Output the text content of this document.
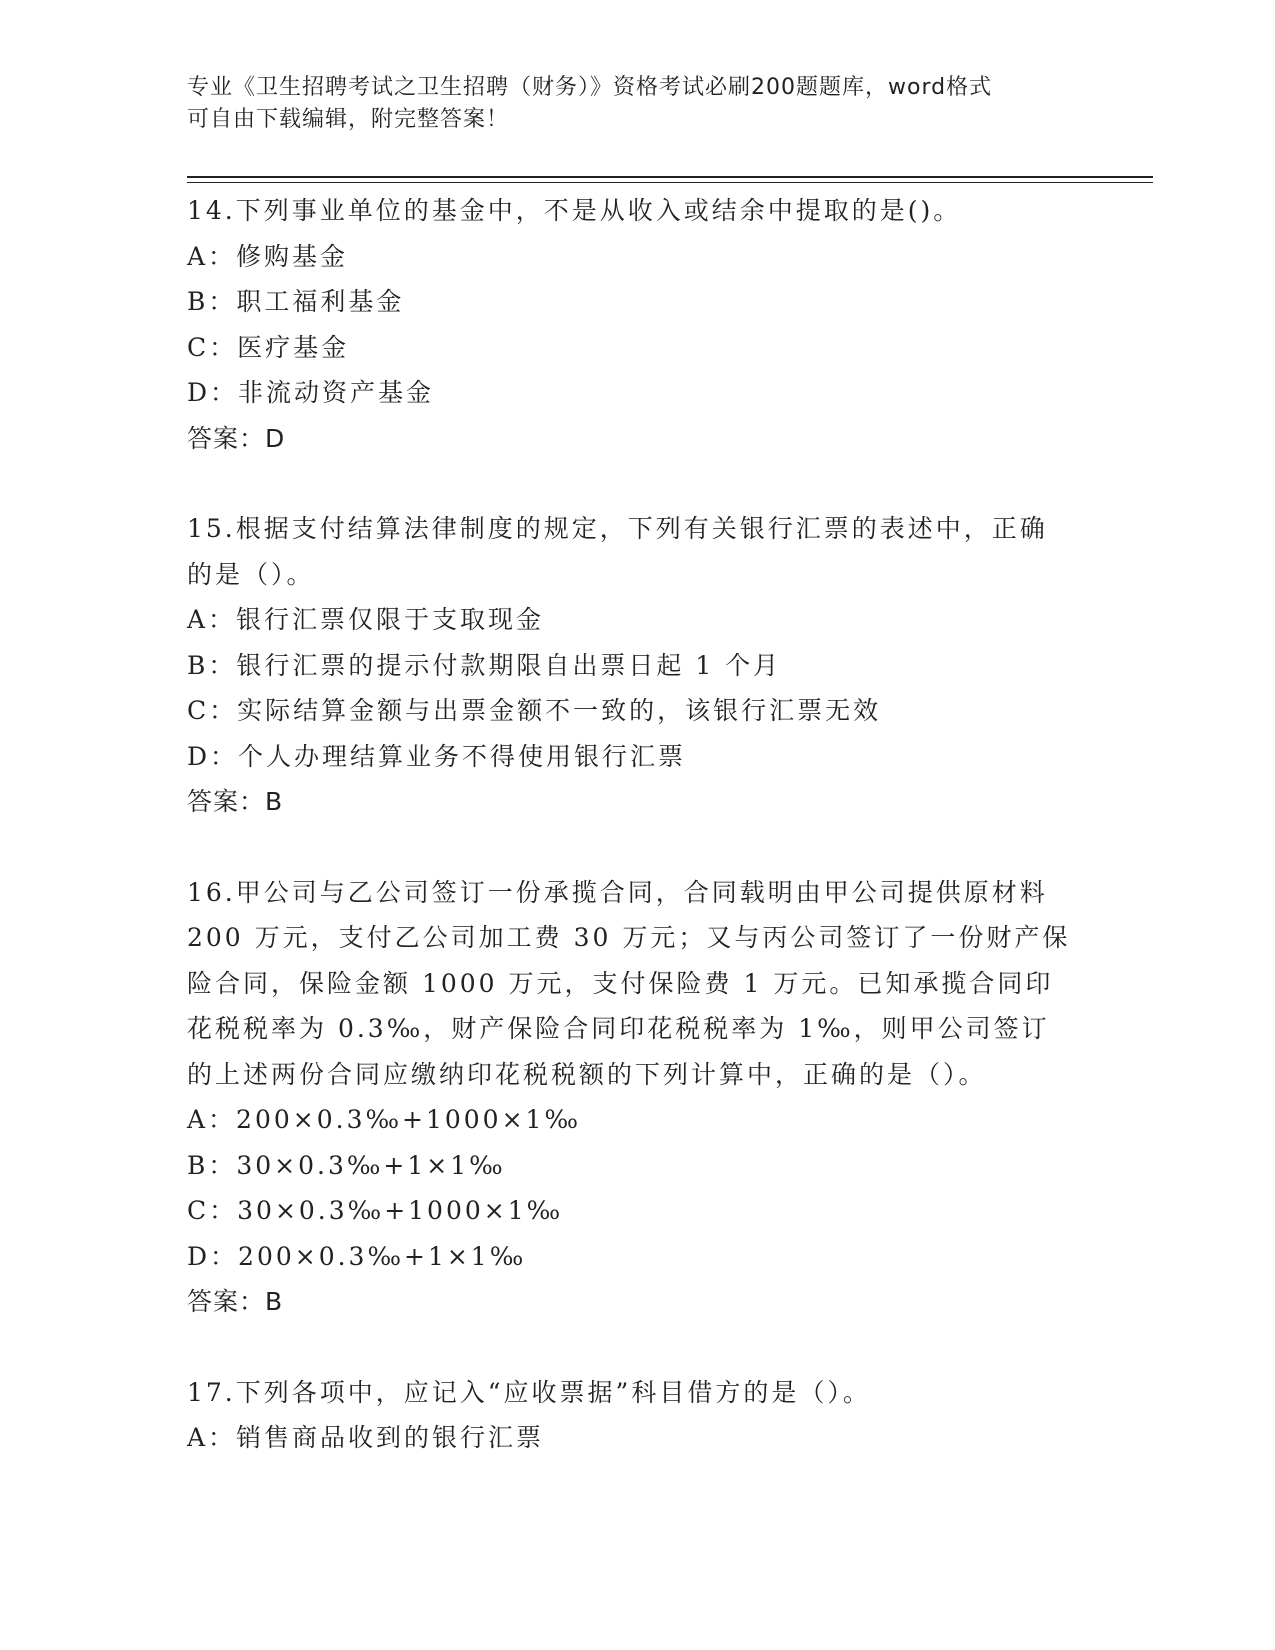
专业《卫生招聘考试之卫生招聘（财务）》资格考试必刷200题题库，word格式
可自由下载编辑，附完整答案！
14.下列事业单位的基金中，不是从收入或结余中提取的是()。
A：修购基金
B：职工福利基金
C：医疗基金
D：非流动资产基金
答案：D
15.根据支付结算法律制度的规定，下列有关银行汇票的表述中，正确的是（）。
A：银行汇票仅限于支取现金
B：银行汇票的提示付款期限自出票日起 1 个月
C：实际结算金额与出票金额不一致的，该银行汇票无效
D：个人办理结算业务不得使用银行汇票
答案：B
16.甲公司与乙公司签订一份承揽合同，合同载明由甲公司提供原材料 200 万元，支付乙公司加工费 30 万元；又与丙公司签订了一份财产保险合同，保险金额 1000 万元，支付保险费 1 万元。已知承揽合同印花税税率为 0.3‰，财产保险合同印花税税率为 1‰，则甲公司签订的上述两份合同应缴纳印花税税额的下列计算中，正确的是（）。
A：200×0.3‰+1000×1‰
B：30×0.3‰+1×1‰
C：30×0.3‰+1000×1‰
D：200×0.3‰+1×1‰
答案：B
17.下列各项中，应记入“应收票据”科目借方的是（）。
A：销售商品收到的银行汇票
